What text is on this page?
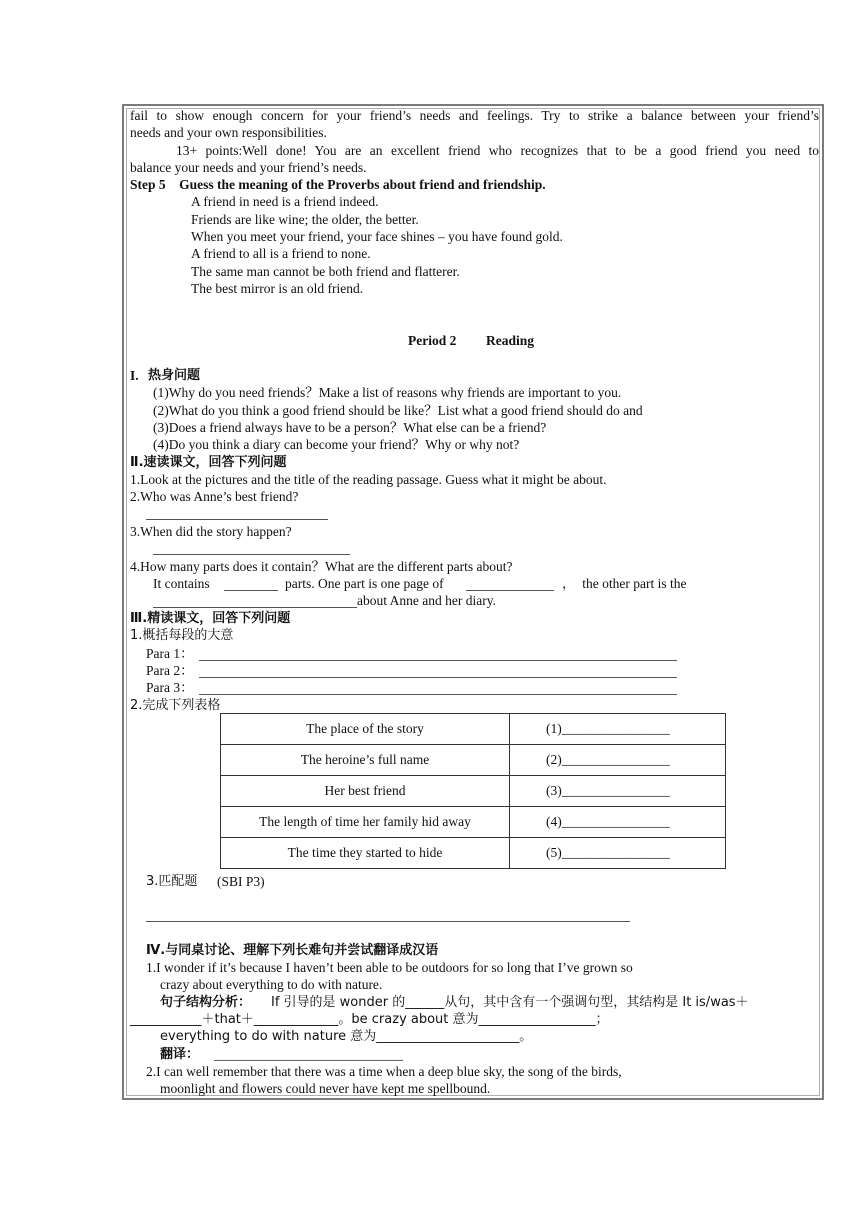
fail to show enough concern for your friend’s needs and feelings. Try to strike a balance between your friend’s
needs and your own responsibilities.
13+ points:Well done! You are an excellent friend who recognizes that to be a good friend you need to
balance your needs and your friend’s needs.
Step 5    Guess the meaning of the Proverbs about friend and friendship.
A friend in need is a friend indeed.
Friends are like wine; the older, the better.
When you meet your friend, your face shines – you have found gold.
A friend to all is a friend to none.
The same man cannot be both friend and flatterer.
The best mirror is an old friend.
Period 2 Reading
I. 热身问题
(1)Why do you need friends？Make a list of reasons why friends are important to you.
(2)What do you think a good friend should be like？List what a good friend should do and
(3)Does a friend always have to be a person？What else can be a friend?
(4)Do you think a diary can become your friend？Why or why not?
Ⅱ.速读课文，回答下列问题
1.Look at the pictures and the title of the reading passage. Guess what it might be about.
2.Who was Anne’s best friend?
3.When did the story happen?
4.How many parts does it contain？What are the different parts about?
It contains	parts. One part is one page of	，  the other part is the
about Anne and her diary.
Ⅲ.精读课文，回答下列问题
1.概括每段的大意
Para 1：
Para 2：
Para 3：
2.完成下列表格
The place of the story	(1)________________
The heroine’s full name	(2)________________
Her best friend	(3)________________
The length of time her family hid away	(4)________________
The time they started to hide	(5)________________
3.匹配题 (SBI P3)
Ⅳ.与同桌讨论、理解下列长难句并尝试翻译成汉语
1.I wonder if it’s because I haven’t been able to be outdoors for so long that I’ve grown so
crazy about everything to do with nature.
句子结构分析： If 引导的是 wonder 的______从句，其中含有一个强调句型，其结构是 It is/was＋
___________＋that＋_____________。be crazy about 意为__________________；
everything to do with nature 意为______________________。
翻译： ____________________________
2.I can well remember that there was a time when a deep blue sky, the song of the birds,
moonlight and flowers could never have kept me spellbound.
